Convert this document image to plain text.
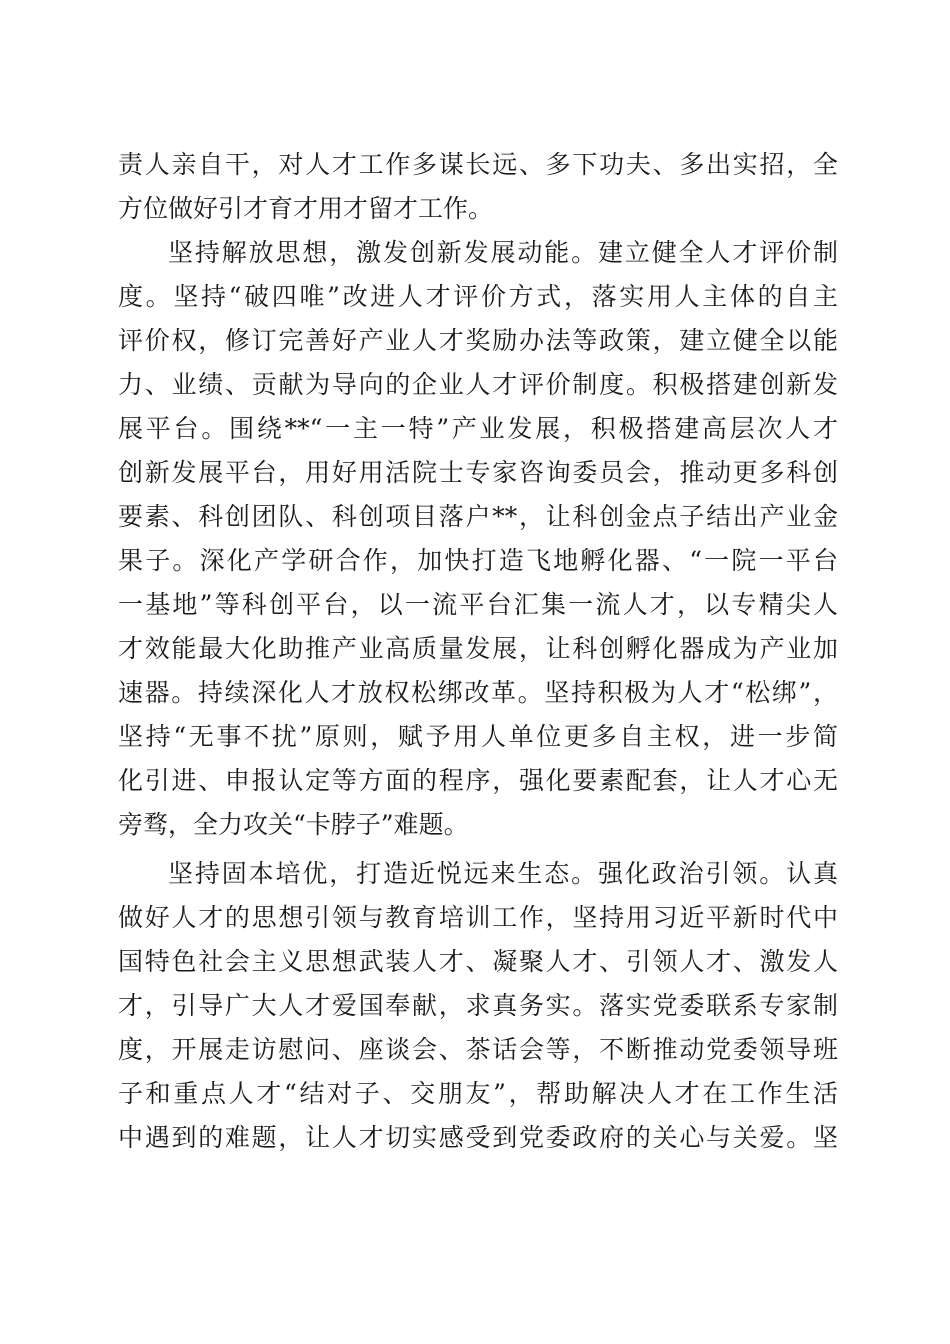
责人亲自干，对人才工作多谋长远、多下功夫、多出实招，全
方位做好引才育才用才留才工作。
坚持解放思想，激发创新发展动能。建立健全人才评价制
度。坚持“破四唯”改进人才评价方式，落实用人主体的自主
评价权，修订完善好产业人才奖励办法等政策，建立健全以能
力、业绩、贡献为导向的企业人才评价制度。积极搭建创新发
展平台。围绕**“一主一特”产业发展，积极搭建高层次人才
创新发展平台，用好用活院士专家咨询委员会，推动更多科创
要素、科创团队、科创项目落户**，让科创金点子结出产业金
果子。深化产学研合作，加快打造飞地孵化器、“一院一平台
一基地”等科创平台，以一流平台汇集一流人才，以专精尖人
才效能最大化助推产业高质量发展，让科创孵化器成为产业加
速器。持续深化人才放权松绑改革。坚持积极为人才“松绑”，
坚持“无事不扰”原则，赋予用人单位更多自主权，进一步简
化引进、申报认定等方面的程序，强化要素配套，让人才心无
旁骛，全力攻关“卡脖子”难题。
坚持固本培优，打造近悦远来生态。强化政治引领。认真
做好人才的思想引领与教育培训工作，坚持用习近平新时代中
国特色社会主义思想武装人才、凝聚人才、引领人才、激发人
才，引导广大人才爱国奉献，求真务实。落实党委联系专家制
度，开展走访慰问、座谈会、茶话会等，不断推动党委领导班
子和重点人才“结对子、交朋友”，帮助解决人才在工作生活
中遇到的难题，让人才切实感受到党委政府的关心与关爱。坚
